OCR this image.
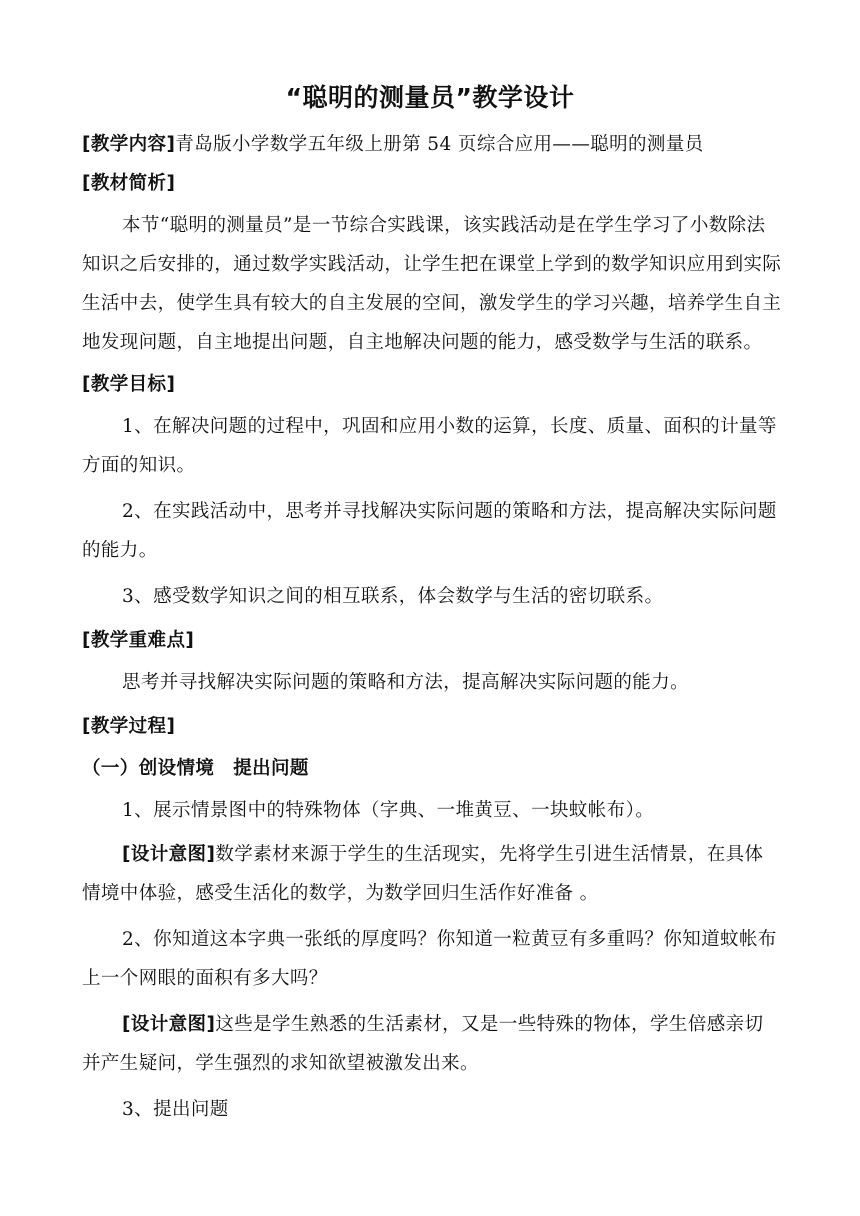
“聪明的测量员”教学设计

[教学内容]青岛版小学数学五年级上册第 54 页综合应用——聪明的测量员

[教材简析]

本节“聪明的测量员”是一节综合实践课，该实践活动是在学生学习了小数除法知识之后安排的，通过数学实践活动，让学生把在课堂上学到的数学知识应用到实际生活中去，使学生具有较大的自主发展的空间，激发学生的学习兴趣，培养学生自主地发现问题，自主地提出问题，自主地解决问题的能力，感受数学与生活的联系。

[教学目标]

1、在解决问题的过程中，巩固和应用小数的运算，长度、质量、面积的计量等方面的知识。

2、在实践活动中，思考并寻找解决实际问题的策略和方法，提高解决实际问题的能力。

3、感受数学知识之间的相互联系，体会数学与生活的密切联系。

[教学重难点]

思考并寻找解决实际问题的策略和方法，提高解决实际问题的能力。

[教学过程]

（一）创设情境　提出问题

1、展示情景图中的特殊物体（字典、一堆黄豆、一块蚊帐布）。

[设计意图]数学素材来源于学生的生活现实，先将学生引进生活情景，在具体情境中体验，感受生活化的数学，为数学回归生活作好准备 。

2、你知道这本字典一张纸的厚度吗？你知道一粒黄豆有多重吗？你知道蚊帐布上一个网眼的面积有多大吗？

[设计意图]这些是学生熟悉的生活素材，又是一些特殊的物体，学生倍感亲切并产生疑问，学生强烈的求知欲望被激发出来。

3、提出问题
